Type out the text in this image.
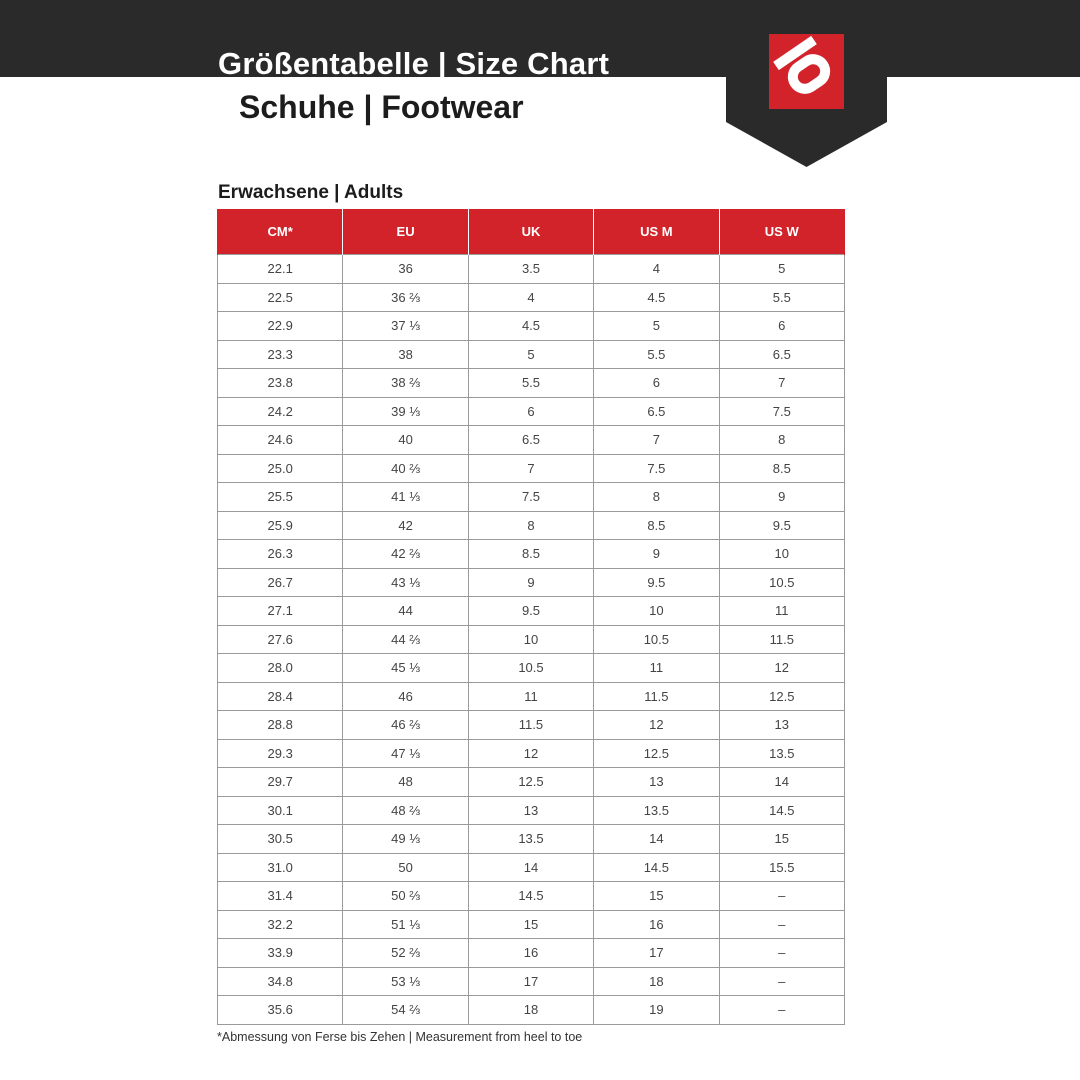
Größentabelle | Size Chart
Schuhe | Footwear
Erwachsene | Adults
CM*	EU	UK	US M	US W
22.1	36	3.5	4	5
22.5	36 ⅔	4	4.5	5.5
22.9	37 ⅓	4.5	5	6
23.3	38	5	5.5	6.5
23.8	38 ⅔	5.5	6	7
24.2	39 ⅓	6	6.5	7.5
24.6	40	6.5	7	8
25.0	40 ⅔	7	7.5	8.5
25.5	41 ⅓	7.5	8	9
25.9	42	8	8.5	9.5
26.3	42 ⅔	8.5	9	10
26.7	43 ⅓	9	9.5	10.5
27.1	44	9.5	10	11
27.6	44 ⅔	10	10.5	11.5
28.0	45 ⅓	10.5	11	12
28.4	46	11	11.5	12.5
28.8	46 ⅔	11.5	12	13
29.3	47 ⅓	12	12.5	13.5
29.7	48	12.5	13	14
30.1	48 ⅔	13	13.5	14.5
30.5	49 ⅓	13.5	14	15
31.0	50	14	14.5	15.5
31.4	50 ⅔	14.5	15	–
32.2	51 ⅓	15	16	–
33.9	52 ⅔	16	17	–
34.8	53 ⅓	17	18	–
35.6	54 ⅔	18	19	–
*Abmessung von Ferse bis Zehen | Measurement from heel to toe
